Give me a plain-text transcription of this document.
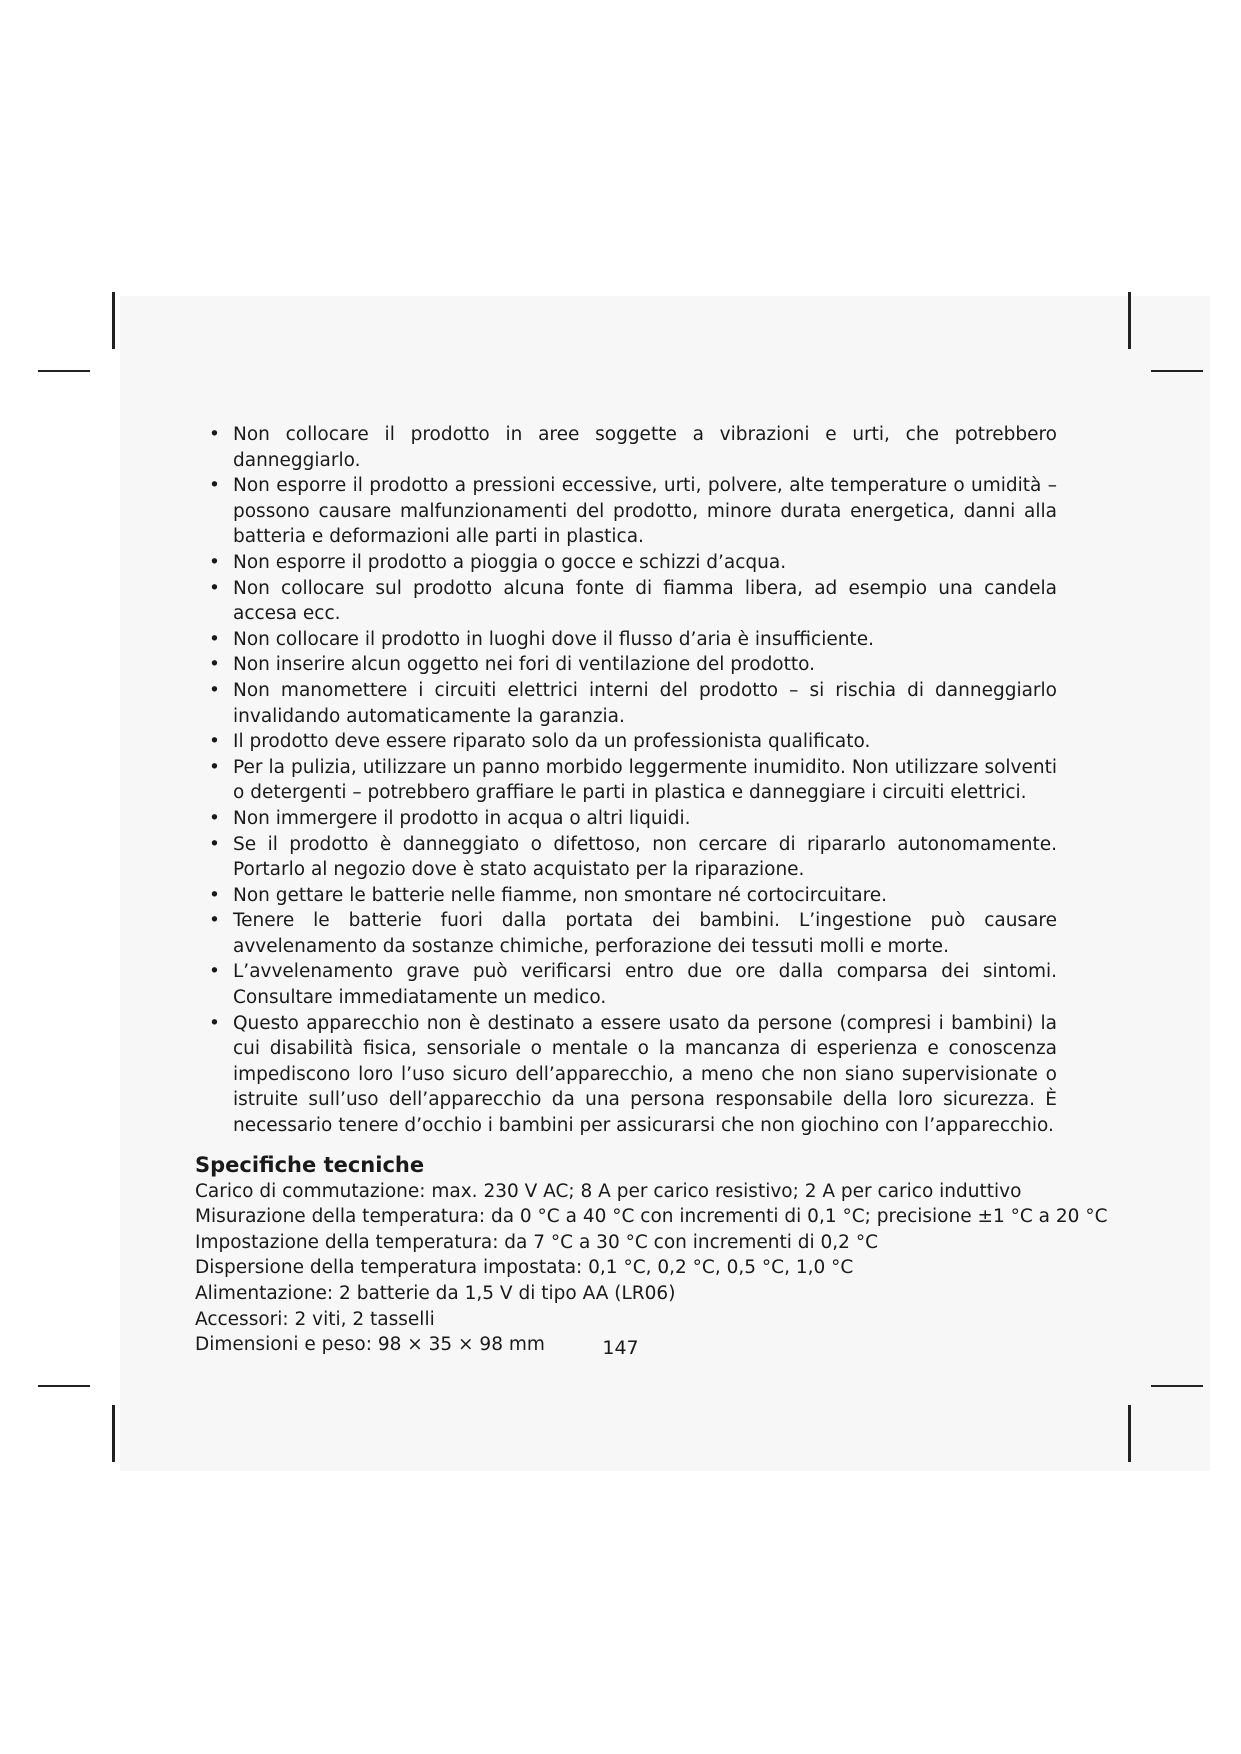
• Non collocare il prodotto in aree soggette a vibrazioni e urti, che potrebbero danneggiarlo.
• Non esporre il prodotto a pressioni eccessive, urti, polvere, alte temperature o umidità – possono causare malfunzionamenti del prodotto, minore durata energetica, danni alla batteria e deformazioni alle parti in plastica.
• Non esporre il prodotto a pioggia o gocce e schizzi d’acqua.
• Non collocare sul prodotto alcuna fonte di fiamma libera, ad esempio una candela accesa ecc.
• Non collocare il prodotto in luoghi dove il flusso d’aria è insufficiente.
• Non inserire alcun oggetto nei fori di ventilazione del prodotto.
• Non manomettere i circuiti elettrici interni del prodotto – si rischia di danneggiarlo invalidando automaticamente la garanzia.
• Il prodotto deve essere riparato solo da un professionista qualificato.
• Per la pulizia, utilizzare un panno morbido leggermente inumidito. Non utilizzare solventi o detergenti – potrebbero graffiare le parti in plastica e danneggiare i circuiti elettrici.
• Non immergere il prodotto in acqua o altri liquidi.
• Se il prodotto è danneggiato o difettoso, non cercare di ripararlo autonomamente. Portarlo al negozio dove è stato acquistato per la riparazione.
• Non gettare le batterie nelle fiamme, non smontare né cortocircuitare.
• Tenere le batterie fuori dalla portata dei bambini. L’ingestione può causare avvelenamento da sostanze chimiche, perforazione dei tessuti molli e morte.
• L’avvelenamento grave può verificarsi entro due ore dalla comparsa dei sintomi. Consultare immediatamente un medico.
• Questo apparecchio non è destinato a essere usato da persone (compresi i bambini) la cui disabilità fisica, sensoriale o mentale o la mancanza di esperienza e conoscenza impediscono loro l’uso sicuro dell’apparecchio, a meno che non siano supervisionate o istruite sull’uso dell’apparecchio da una persona responsabile della loro sicurezza. È necessario tenere d’occhio i bambini per assicurarsi che non giochino con l’apparecchio.
Specifiche tecniche
Carico di commutazione: max. 230 V AC; 8 A per carico resistivo; 2 A per carico induttivo
Misurazione della temperatura: da 0 °C a 40 °C con incrementi di 0,1 °C; precisione ±1 °C a 20 °C
Impostazione della temperatura: da 7 °C a 30 °C con incrementi di 0,2 °C
Dispersione della temperatura impostata: 0,1 °C, 0,2 °C, 0,5 °C, 1,0 °C
Alimentazione: 2 batterie da 1,5 V di tipo AA (LR06)
Accessori: 2 viti, 2 tasselli
Dimensioni e peso: 98 × 35 × 98 mm	147
